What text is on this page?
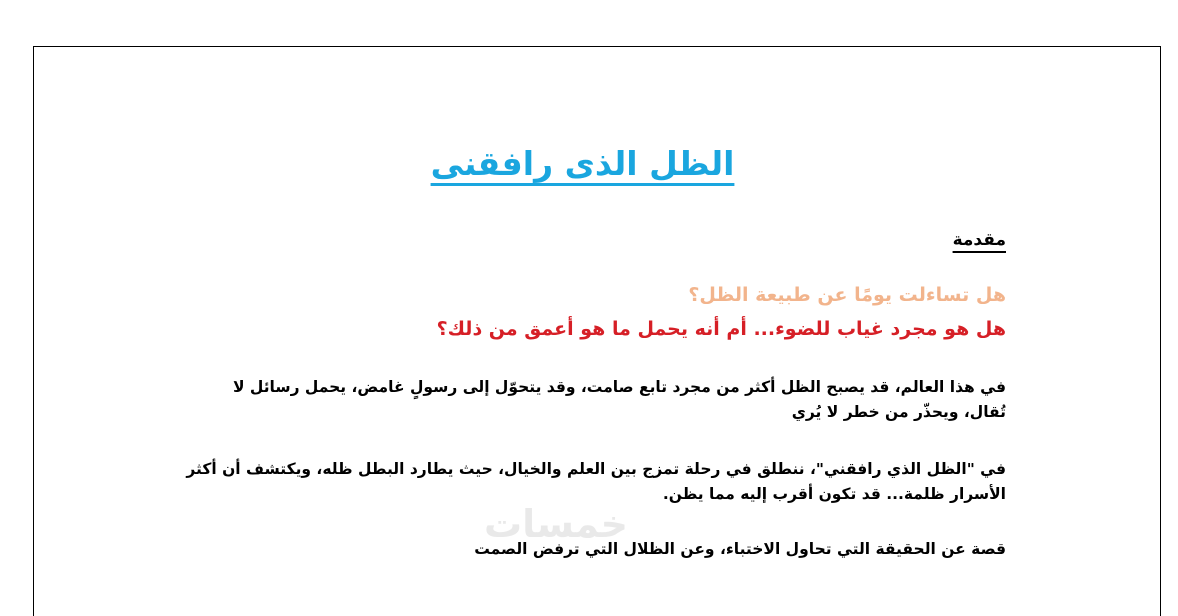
الظل الذى رافقنى
مقدمة
هل تساءلت يومًا عن طبيعة الظل؟
هل هو مجرد غياب للضوء... أم أنه يحمل ما هو أعمق من ذلك؟
في هذا العالم، قد يصبح الظل أكثر من مجرد تابع صامت، وقد يتحوّل إلى رسولٍ غامض، يحمل رسائل لا تُقال، ويحذّر من خطر لا يُري
في "الظل الذي رافقني"، ننطلق في رحلة تمزج بين العلم والخيال، حيث يطارد البطل ظله، ويكتشف أن أكثر الأسرار ظلمة... قد تكون أقرب إليه مما يظن.
قصة عن الحقيقة التي تحاول الاختباء، وعن الظلال التي ترفض الصمت
خمسات
